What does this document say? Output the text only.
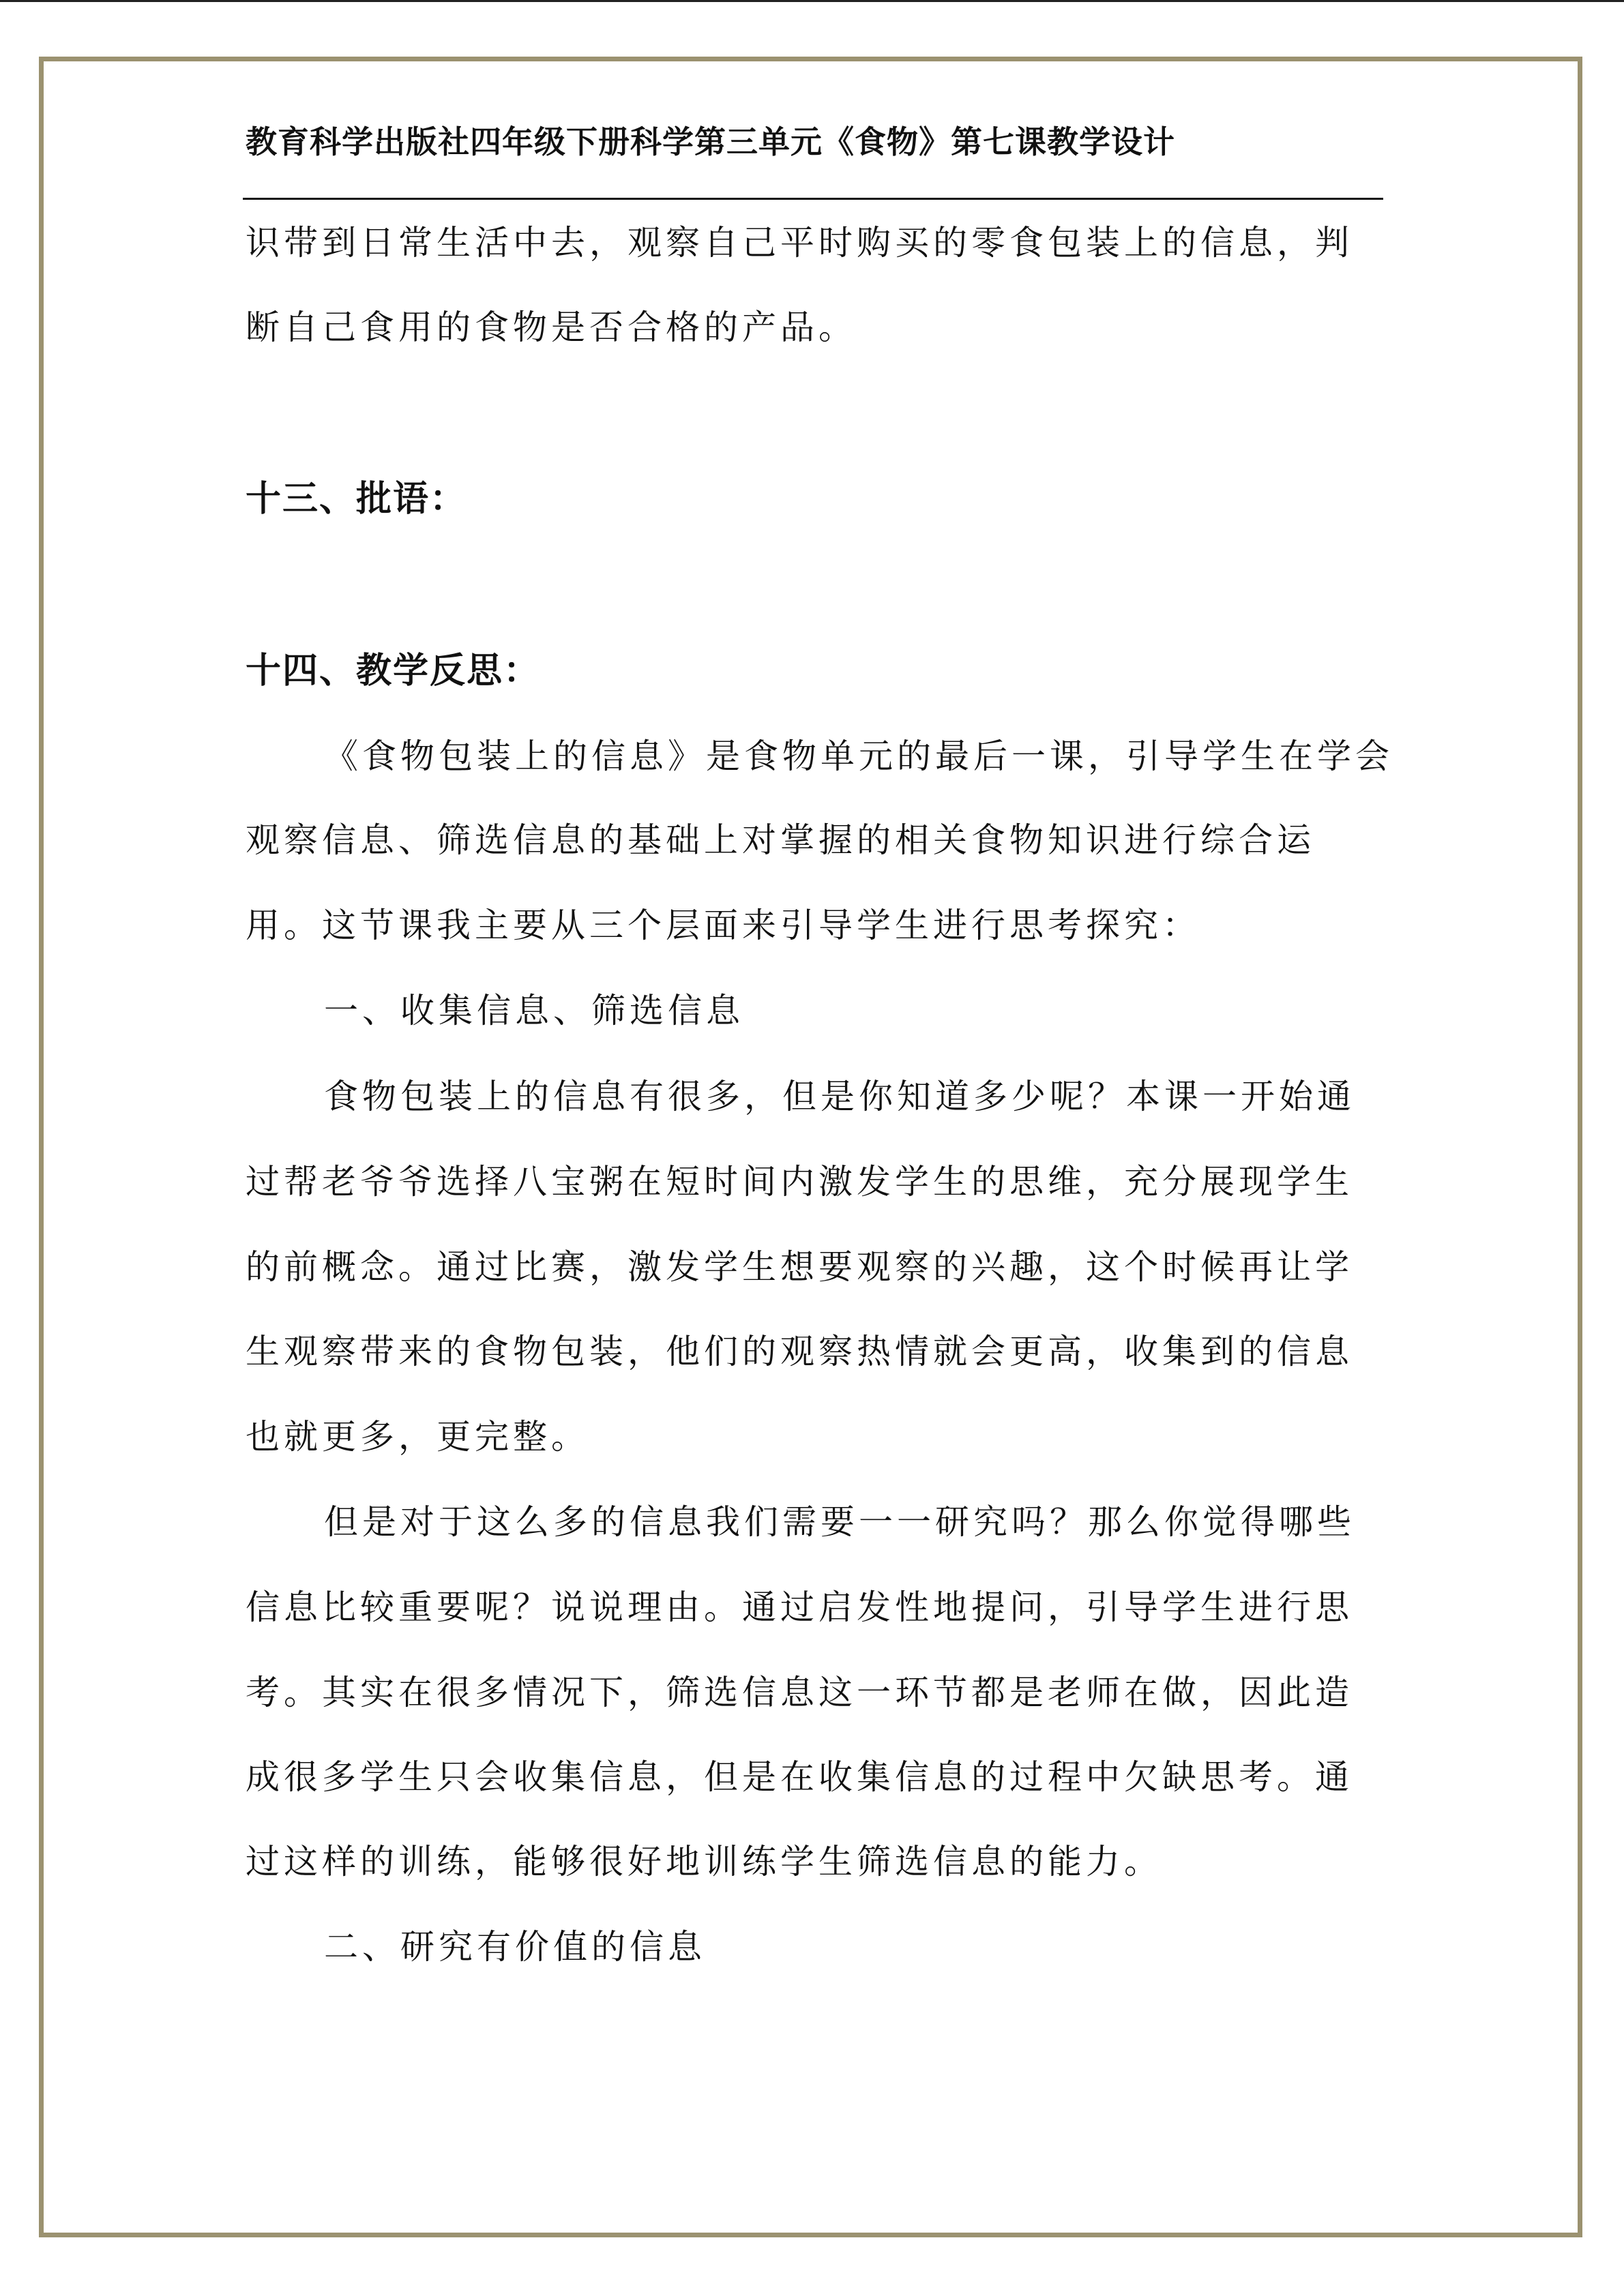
教育科学出版社四年级下册科学第三单元《食物》第七课教学设计
识带到日常生活中去，观察自己平时购买的零食包装上的信息，判
断自己食用的食物是否合格的产品。
十三、批语：
十四、教学反思：
《食物包装上的信息》是食物单元的最后一课，引导学生在学会
观察信息、筛选信息的基础上对掌握的相关食物知识进行综合运
用。这节课我主要从三个层面来引导学生进行思考探究：
一、收集信息、筛选信息
食物包装上的信息有很多，但是你知道多少呢？本课一开始通
过帮老爷爷选择八宝粥在短时间内激发学生的思维，充分展现学生
的前概念。通过比赛，激发学生想要观察的兴趣，这个时候再让学
生观察带来的食物包装，他们的观察热情就会更高，收集到的信息
也就更多，更完整。
但是对于这么多的信息我们需要一一研究吗？那么你觉得哪些
信息比较重要呢？说说理由。通过启发性地提问，引导学生进行思
考。其实在很多情况下，筛选信息这一环节都是老师在做，因此造
成很多学生只会收集信息，但是在收集信息的过程中欠缺思考。通
过这样的训练，能够很好地训练学生筛选信息的能力。
二、研究有价值的信息
